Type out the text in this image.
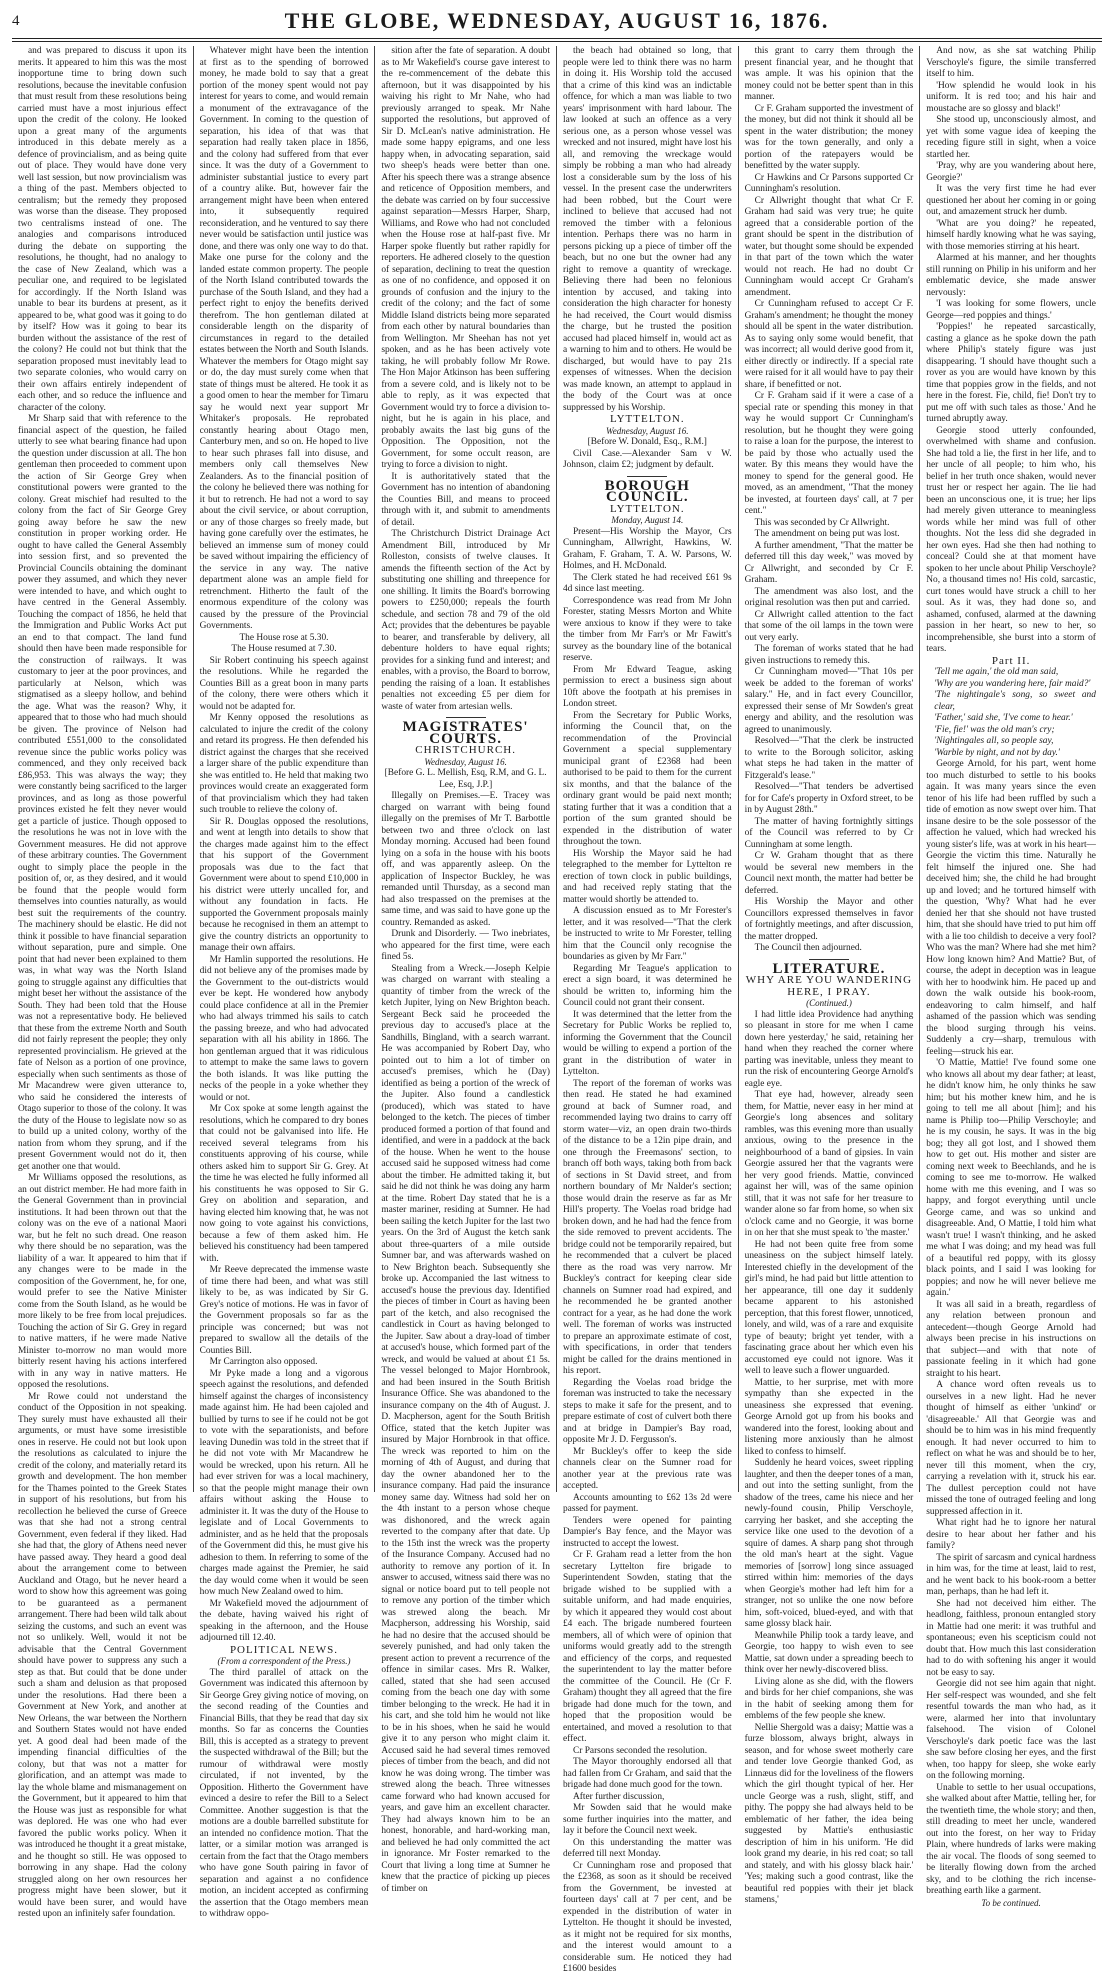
4	THE GLOBE, WEDNESDAY, AUGUST 16, 1876.

and was prepared to discuss it upon its merits. It appeared to him this was the most inopportune time to bring down such resolutions, because the inevitable confusion that must result from these resolutions being carried must have a most injurious effect upon the credit of the colony. He looked upon a great many of the arguments introduced in this debate merely as a defence of provincialism, and as being quite out of place. They would have done very well last session, but now provincialism was a thing of the past. Members objected to centralism; but the remedy they proposed was worse than the disease. They proposed two centralisms instead of one. The analogies and comparisons introduced during the debate on supporting the resolutions, he thought, had no analogy to the case of New Zealand, which was a peculiar one, and required to be legislated for accordingly. If the North Island was unable to bear its burdens at present, as it appeared to be, what good was it going to do by itself? How was it going to bear its burden without the assistance of the rest of the colony? He could not but think that the separation proposed must inevitably lead to two separate colonies, who would carry on their own affairs entirely independent of each other, and so reduce the influence and character of the colony.

Mr Sharp said that with reference to the financial aspect of the question, he failed utterly to see what bearing finance had upon the question under discussion at all. The hon gentleman then proceeded to comment upon the action of Sir George Grey when constitutional powers were granted to the colony. Great mischief had resulted to the colony from the fact of Sir George Grey going away before he saw the new constitution in proper working order. He ought to have called the General Assembly into session first, and so prevented the Provincial Councils obtaining the dominant power they assumed, and which they never were intended to have, and which ought to have centred in the General Assembly. Touching the compact of 1856, he held that the Immigration and Public Works Act put an end to that compact. The land fund should then have been made responsible for the construction of railways. It was customary to jeer at the poor provinces, and particularly at Nelson, which was stigmatised as a sleepy hollow, and behind the age. What was the reason? Why, it appeared that to those who had much should be given. The province of Nelson had contributed £551,000 to the consolidated revenue since the public works policy was commenced, and they only received back £86,953. This was always the way; they were constantly being sacrificed to the larger provinces, and as long as those powerful provinces existed he felt they never would get a particle of justice. Though opposed to the resolutions he was not in love with the Government measures. He did not approve of these arbitrary counties. The Government ought to simply place the people in the position of, or, as they desired, and it would be found that the people would form themselves into counties naturally, as would best suit the requirements of the country. The machinery should be elastic. He did not think it possible to have financial separation without separation, pure and simple. One point that had never been explained to them was, in what way was the North Island going to struggle against any difficulties that might beset her without the assistance of the South. They had been told that the House was not a representative body. He believed that these from the extreme North and South did not fairly represent the people; they only represented provincialism. He grieved at the fate of Nelson as a portion of one province, especially when such sentiments as those of Mr Macandrew were given utterance to, who said he considered the interests of Otago superior to those of the colony. It was the duty of the House to legislate now so as to build up a united colony, worthy of the nation from whom they sprung, and if the present Government would not do it, then get another one that would.

Mr Williams opposed the resolutions, as an out district member. He had more faith in the General Government than in provincial institutions. It had been thrown out that the colony was on the eve of a national Maori war, but he felt no such dread. One reason why there should be no separation, was the liability of a war. It appeared to him that if any changes were to be made in the composition of the Government, he, for one, would prefer to see the Native Minister come from the South Island, as he would be more likely to be free from local prejudices. Touching the action of Sir G. Grey in regard to native matters, if he were made Native Minister to-morrow no man would more bitterly resent having his actions interfered with in any way in native matters. He opposed the resolutions.

Mr Rowe could not understand the conduct of the Opposition in not speaking. They surely must have exhausted all their arguments, or must have some irresistible ones in reserve. He could not but look upon the resolutions as calculated to injure the credit of the colony, and materially retard its growth and development. The hon member for the Thames pointed to the Greek States in support of his resolutions, but from his recollection he believed the curse of Greece was that she had not a strong central Government, even federal if they liked. Had she had that, the glory of Athens need never have passed away. They heard a good deal about the arrangement come to between Auckland and Otago, but he never heard a word to show how this agreement was going to be guaranteed as a permanent arrangement. There had been wild talk about seizing the customs, and such an event was not so unlikely. Well, would it not be advisable that the Central Government should have power to suppress any such a step as that. But could that be done under such a sham and delusion as that proposed under the resolutions. Had there been a Government at New York, and another at New Orleans, the war between the Northern and Southern States would not have ended yet. A good deal had been made of the impending financial difficulties of the colony, but that was not a matter for glorification, and an attempt was made to lay the whole blame and mismanagement on the Government, but it appeared to him that the House was just as responsible for what was deplored. He was one who had ever favored the public works policy. When it was introduced he thought it a great mistake, and he thought so still. He was opposed to borrowing in any shape. Had the colony struggled along on her own resources her progress might have been slower, but it would have been surer, and would have rested upon an infinitely safer foundation.

Whatever might have been the intention at first as to the spending of borrowed money, he made bold to say that a great portion of the money spent would not pay interest for years to come, and would remain a monument of the extravagance of the Government. In coming to the question of separation, his idea of that was that separation had really taken place in 1856, and the colony had suffered from that ever since. It was the duty of a Government to administer substantial justice to every part of a country alike. But, however fair the arrangement might have been when entered into, it subsequently required reconsideration, and he ventured to say there never would be satisfaction until justice was done, and there was only one way to do that. Make one purse for the colony and the landed estate common property. The people of the North Island contributed towards the purchase of the South Island, and they had a perfect right to enjoy the benefits derived therefrom. The hon gentleman dilated at considerable length on the disparity of circumstances in regard to the detailed estates between the North and South Islands. Whatever the members for Otago might say or do, the day must surely come when that state of things must be altered. He took it as a good omen to hear the member for Timaru say he would next year support Mr Whitaker's proposals. He reprobated constantly hearing about Otago men, Canterbury men, and so on. He hoped to live to hear such phrases fall into disuse, and members only call themselves New Zealanders. As to the financial position of the colony he believed there was nothing for it but to retrench. He had not a word to say about the civil service, or about corruption, or any of those charges so freely made, but having gone carefully over the estimates, he believed an immense sum of money could be saved without impairing the efficiency of the service in any way. The native department alone was an ample field for retrenchment. Hitherto the fault of the enormous expenditure of the colony was caused by the pressure of the Provincial Governments.

The House rose at 5.30.

The House resumed at 7.30.

Sir Robert continuing his speech against the resolutions. While he regarded the Counties Bill as a great boon in many parts of the colony, there were others which it would not be adapted for.

Mr Kenny opposed the resolutions as calculated to injure the credit of the colony and retard its progress. He then defended his district against the charges that she received a larger share of the public expenditure than she was entitled to. He held that making two provinces would create an exaggerated form of that provincialism which they had taken such trouble to relieve the colony of.

Sir R. Douglas opposed the resolutions, and went at length into details to show that the charges made against him to the effect that his support of the Government proposals was due to the fact that Government were about to spend £10,000 in his district were utterly uncalled for, and without any foundation in facts. He supported the Government proposals mainly because he recognised in them an attempt to give the country districts an opportunity to manage their own affairs.

Mr Hamlin supported the resolutions. He did not believe any of the promises made by the Government to the out-districts would ever be kept. He wondered how anybody could place confidence at all in the Premier who had always trimmed his sails to catch the passing breeze, and who had advocated separation with all his ability in 1866. The hon gentleman argued that it was ridiculous to attempt to make the same laws to govern the both islands. It was like putting the necks of the people in a yoke whether they would or not.

Mr Cox spoke at some length against the resolutions, which he compared to dry bones that could not be galvanised into life. He received several telegrams from his constituents approving of his course, while others asked him to support Sir G. Grey. At the time he was elected he fully informed all his constituents he was opposed to Sir G. Grey on abolition and separation, and having elected him knowing that, he was not now going to vote against his convictions, because a few of them asked him. He believed his constituency had been tampered with.

Mr Reeve deprecated the immense waste of time there had been, and what was still likely to be, as was indicated by Sir G. Grey's notice of motions. He was in favor of the Government proposals so far as the principle was concerned; but was not prepared to swallow all the details of the Counties Bill.

Mr Carrington also opposed.

Mr Pyke made a long and a vigorous speech against the resolutions, and defended himself against the charges of inconsistency made against him. He had been cajoled and bullied by turns to see if he could not be got to vote with the separationists, and before leaving Dunedin was told in the street that if he did not vote with Mr Macandrew he would be wrecked, upon his return. All he had ever striven for was a local machinery, so that the people might manage their own affairs without asking the House to administer it. It was the duty of the House to legislate and of Local Governments to administer, and as he held that the proposals of the Government did this, he must give his adhesion to them. In referring to some of the charges made against the Premier, he said the day would come when it would be seen how much New Zealand owed to him.

Mr Wakefield moved the adjournment of the debate, having waived his right of speaking in the afternoon, and the House adjourned till 12.40.

POLITICAL NEWS.

(From a correspondent of the Press.)

The third parallel of attack on the Government was indicated this afternoon by Sir George Grey giving notice of moving, on the second reading of the Counties and Financial Bills, that they be read that day six months. So far as concerns the Counties Bill, this is accepted as a strategy to prevent the suspected withdrawal of the Bill; but the rumour of withdrawal were mostly circulated, if not invented, by the Opposition. Hitherto the Government have evinced a desire to refer the Bill to a Select Committee. Another suggestion is that the motions are a double barrelled substitute for an intended no confidence motion. That the latter, or a similar motion was arranged is certain from the fact that the Otago members who have gone South pairing in favor of separation and against a no confidence motion, an incident accepted as confirming the assertion that the Otago members mean to withdraw oppo-

sition after the fate of separation. A doubt as to Mr Wakefield's course gave interest to the re-commencement of the debate this afternoon, but it was disappointed by his waiving his right to Mr Nahe, who had previously arranged to speak. Mr Nahe supported the resolutions, but approved of Sir D. McLean's native administration. He made some happy epigrams, and one less happy when, in advocating separation, said two sheep's heads were better than one. After his speech there was a strange absence and reticence of Opposition members, and the debate was carried on by four successive against separation—Messrs Harper, Sharp, Williams, and Rowe who had not concluded when the House rose at half-past five. Mr Harper spoke fluently but rather rapidly for reporters. He adhered closely to the question of separation, declining to treat the question as one of no confidence, and opposed it on grounds of confusion and the injury to the credit of the colony; and the fact of some Middle Island districts being more separated from each other by natural boundaries than from Wellington. Mr Sheehan has not yet spoken, and as he has been actively vote taking, he will probably follow Mr Rowe. The Hon Major Atkinson has been suffering from a severe cold, and is likely not to be able to reply, as it was expected that Government would try to force a division to-night, but he is again in his place, and probably awaits the last big guns of the Opposition. The Opposition, not the Government, for some occult reason, are trying to force a division to night.

It is authoritatively stated that the Government has no intention of abandoning the Counties Bill, and means to proceed through with it, and submit to amendments of detail.

The Christchurch District Drainage Act Amendment Bill, introduced by Mr Rolleston, consists of twelve clauses. It amends the fifteenth section of the Act by substituting one shilling and threepence for one shilling. It limits the Board's borrowing powers to £250,000; repeals the fourth schedule, and section 78 and 79 of the old Act; provides that the debentures be payable to bearer, and transferable by delivery, all debenture holders to have equal rights; provides for a sinking fund and interest; and enables, with a proviso, the Board to borrow, pending the raising of a loan. It establishes penalties not exceeding £5 per diem for waste of water from artesian wells.

MAGISTRATES' COURTS.

CHRISTCHURCH.

Wednesday, August 16.

[Before G. L. Mellish, Esq, R.M, and G. L. Lee, Esq, J.P.]

Illegally on Premises.—E. Tracey was charged on warrant with being found illegally on the premises of Mr T. Barbottle between two and three o'clock on last Monday morning. Accused had been found lying on a sofa in the house with his boots off, and was apparently asleep. On the application of Inspector Buckley, he was remanded until Thursday, as a second man had also trespassed on the premises at the same time, and was said to have gone up the country. Remanded as asked.

Drunk and Disorderly. — Two inebriates, who appeared for the first time, were each fined 5s.

Stealing from a Wreck.—Joseph Kelpie was charged on warrant with stealing a quantity of timber from the wreck of the ketch Jupiter, lying on New Brighton beach. Sergeant Beck said he proceeded the previous day to accused's place at the Sandhills, Bingland, with a search warrant. He was accompanied by Robert Day, who pointed out to him a lot of timber on accused's premises, which he (Day) identified as being a portion of the wreck of the Jupiter. Also found a candlestick (produced), which was stated to have belonged to the ketch. The pieces of timber produced formed a portion of that found and identified, and were in a paddock at the back of the house. When he went to the house accused said he supposed witness had come about the timber. He admitted taking it, but said he did not think he was doing any harm at the time. Robert Day stated that he is a master mariner, residing at Sumner. He had been sailing the ketch Jupiter for the last two years. On the 3rd of August the ketch sank about three-quarters of a mile outside Sumner bar, and was afterwards washed on to New Brighton beach. Subsequently she broke up. Accompanied the last witness to accused's house the previous day. Identified the pieces of timber in Court as having been part of the ketch, and also recognised the candlestick in Court as having belonged to the Jupiter. Saw about a dray-load of timber at accused's house, which formed part of the wreck, and would be valued at about £1 5s. The vessel belonged to Major Hornbrook, and had been insured in the South British Insurance Office. She was abandoned to the insurance company on the 4th of August. J. D. Macpherson, agent for the South British Office, stated that the ketch Jupiter was insured by Major Hornbrook in that office. The wreck was reported to him on the morning of 4th of August, and during that day the owner abandoned her to the insurance company. Had paid the insurance money same day. Witness had sold her on the 4th instant to a person whose cheque was dishonored, and the wreck again reverted to the company after that date. Up to the 15th inst the wreck was the property of the Insurance Company. Accused had no authority to remove any portion of it. In answer to accused, witness said there was no signal or notice board put to tell people not to remove any portion of the timber which was strewed along the beach. Mr Macpherson, addressing his Worship, said he had no desire that the accused should be severely punished, and had only taken the present action to prevent a recurrence of the offence in similar cases. Mrs R. Walker, called, stated that she had seen accused coming from the beach one day with some timber belonging to the wreck. He had it in his cart, and she told him he would not like to be in his shoes, when he said he would give it to any person who might claim it. Accused said he had several times removed pieces of timber from the beach, and did not know he was doing wrong. The timber was strewed along the beach. Three witnesses came forward who had known accused for years, and gave him an excellent character. They had always known him to be an honest, honorable, and hard-working man, and believed he had only committed the act in ignorance. Mr Foster remarked to the Court that living a long time at Sumner he knew that the practice of picking up pieces of timber on

the beach had obtained so long, that people were led to think there was no harm in doing it. His Worship told the accused that a crime of this kind was an indictable offence, for which a man was liable to two years' imprisonment with hard labour. The law looked at such an offence as a very serious one, as a person whose vessel was wrecked and not insured, might have lost his all, and removing the wreckage would simply be robbing a man who had already lost a considerable sum by the loss of his vessel. In the present case the underwriters had been robbed, but the Court were inclined to believe that accused had not removed the timber with a felonious intention. Perhaps there was no harm in persons picking up a piece of timber off the beach, but no one but the owner had any right to remove a quantity of wreckage. Believing there had been no felonious intention by accused, and taking into consideration the high character for honesty he had received, the Court would dismiss the charge, but he trusted the position accused had placed himself in, would act as a warning to him and to others. He would be discharged, but would have to pay 21s expenses of witnesses. When the decision was made known, an attempt to applaud in the body of the Court was at once suppressed by his Worship.

LYTTELTON.

Wednesday, August 16.

[Before W. Donald, Esq., R.M.]

Civil Case.—Alexander Sam v W. Johnson, claim £2; judgment by default.

BOROUGH COUNCIL.

LYTTELTON.

Monday, August 14.

Present—His Worship the Mayor, Crs Cunningham, Allwright, Hawkins, W. Graham, F. Graham, T. A. W. Parsons, W. Holmes, and H. McDonald.

The Clerk stated he had received £61 9s 4d since last meeting.

Correspondence was read from Mr John Forester, stating Messrs Morton and White were anxious to know if they were to take the timber from Mr Farr's or Mr Fawitt's survey as the boundary line of the botanical reserve.

From Mr Edward Teague, asking permission to erect a business sign about 10ft above the footpath at his premises in London street.

From the Secretary for Public Works, informing the Council that, on the recommendation of the Provincial Government a special supplementary municipal grant of £2368 had been authorised to be paid to them for the current six months, and that the balance of the ordinary grant would be paid next month; stating further that it was a condition that a portion of the sum granted should be expended in the distribution of water throughout the town.

His Worship the Mayor said he had telegraphed to the member for Lyttelton re erection of town clock in public buildings, and had received reply stating that the matter would shortly be attended to.

A discussion ensued as to Mr Forester's letter, and it was resolved—"That the clerk be instructed to write to Mr Forester, telling him that the Council only recognise the boundaries as given by Mr Farr."

Regarding Mr Teague's application to erect a sign board, it was determined he should be written to, informing him the Council could not grant their consent.

It was determined that the letter from the Secretary for Public Works be replied to, informing the Government that the Council would be willing to expend a portion of the grant in the distribution of water in Lyttelton.

The report of the foreman of works was then read. He stated he had examined ground at back of Sumner road, and recommended laying two drains to carry off storm water—viz, an open drain two-thirds of the distance to be a 12in pipe drain, and one through the Freemasons' section, to branch off both ways, taking both from back of sections in St David street, and from northern boundary of Mr Nalder's section; those would drain the reserve as far as Mr Hill's property. The Voelas road bridge had broken down, and he had had the fence from the side removed to prevent accidents. The bridge could not be temporarily repaired, but he recommended that a culvert be placed there as the road was very narrow. Mr Buckley's contract for keeping clear side channels on Sumner road had expired, and he recommended he be granted another contract for a year, as he had done the work well. The foreman of works was instructed to prepare an approximate estimate of cost, with specifications, in order that tenders might be called for the drains mentioned in his report.

Regarding the Voelas road bridge the foreman was instructed to take the necessary steps to make it safe for the present, and to prepare estimate of cost of culvert both there and at bridge in Dampier's Bay road, opposite Mr J. D. Fergusson's.

Mr Buckley's offer to keep the side channels clear on the Sumner road for another year at the previous rate was accepted.

Accounts amounting to £62 13s 2d were passed for payment.

Tenders were opened for painting Dampier's Bay fence, and the Mayor was instructed to accept the lowest.

Cr F. Graham read a letter from the hon secretary Lyttelton fire brigade to Superintendent Sowden, stating that the brigade wished to be supplied with a suitable uniform, and had made enquiries, by which it appeared they would cost about £4 each. The brigade numbered fourteen members, all of which were of opinion that uniforms would greatly add to the strength and efficiency of the corps, and requested the superintendent to lay the matter before the committee of the Council. He (Cr F. Graham) thought they all agreed that the fire brigade had done much for the town, and hoped that the proposition would be entertained, and moved a resolution to that effect.

Cr Parsons seconded the resolution.

The Mayor thoroughly endorsed all that had fallen from Cr Graham, and said that the brigade had done much good for the town.

After further discussion,

Mr Sowden said that he would make some further inquiries into the matter, and lay it before the Council next week.

On this understanding the matter was deferred till next Monday.

Cr Cunningham rose and proposed that the £2368, as soon as it should be received from the Government, be invested at fourteen days' call at 7 per cent, and be expended in the distribution of water in Lyttelton. He thought it should be invested, as it might not be required for six months, and the interest would amount to a considerable sum. He noticed they had £1600 besides

this grant to carry them through the present financial year, and he thought that was ample. It was his opinion that the money could not be better spent than in this manner.

Cr F. Graham supported the investment of the money, but did not think it should all be spent in the water distribution; the money was for the town generally, and only a portion of the ratepayers would be benefitted by the water supply.

Cr Hawkins and Cr Parsons supported Cr Cunningham's resolution.

Cr Allwright thought that what Cr F. Graham had said was very true; he quite agreed that a considerable portion of the grant should be spent in the distribution of water, but thought some should be expended in that part of the town which the water would not reach. He had no doubt Cr Cunningham would accept Cr Graham's amendment.

Cr Cunningham refused to accept Cr F. Graham's amendment; he thought the money should all be spent in the water distribution. As to saying only some would benefit, that was incorrect; all would derive good from it, either directly or indirectly. If a special rate were raised for it all would have to pay their share, if benefitted or not.

Cr F. Graham said if it were a case of a special rate or spending this money in that way he would support Cr Cunningham's resolution, but he thought they were going to raise a loan for the purpose, the interest to be paid by those who actually used the water. By this means they would have the money to spend for the general good. He moved, as an amendment, "That the money be invested, at fourteen days' call, at 7 per cent."

This was seconded by Cr Allwright.

The amendment on being put was lost.

A further amendment, "That the matter be deferred till this day week," was moved by Cr Allwright, and seconded by Cr F. Graham.

The amendment was also lost, and the original resolution was then put and carried.

Cr Allwright called attention to the fact that some of the oil lamps in the town were out very early.

The foreman of works stated that he had given instructions to remedy this.

Cr Cunningham moved—"That 10s per week be added to the foreman of works' salary." He, and in fact every Councillor, expressed their sense of Mr Sowden's great energy and ability, and the resolution was agreed to unanimously.

Resolved—"That the clerk be instructed to write to the Borough solicitor, asking what steps he had taken in the matter of Fitzgerald's lease."

Resolved—"That tenders be advertised for for Cafe's property in Oxford street, to be in by August 28th."

The matter of having fortnightly sittings of the Council was referred to by Cr Cunningham at some length.

Cr W. Graham thought that as there would be several new members in the Council next month, the matter had better be deferred.

His Worship the Mayor and other Councillors expressed themselves in favor of fortnightly meetings, and after discussion, the matter dropped.

The Council then adjourned.

LITERATURE.

WHY ARE YOU WANDERING HERE, I PRAY.

(Continued.)

I had little idea Providence had anything so pleasant in store for me when I came down here yesterday,' he said, retaining her hand when they reached the corner where parting was inevitable, unless they meant to run the risk of encountering George Arnold's eagle eye.

That eye had, however, already seen them, for Mattie, never easy in her mind at Georgie's long absences and solitary rambles, was this evening more than usually anxious, owing to the presence in the neighbourhood of a band of gipsies. In vain Georgie assured her that the vagrants were her very good friends. Mattie, convinced against her will, was of the same opinion still, that it was not safe for her treasure to wander alone so far from home, so when six o'clock came and no Georgie, it was borne in on her that she must speak to 'the master.'

He had not been quite free from some uneasiness on the subject himself lately. Interested chiefly in the development of the girl's mind, he had paid but little attention to her appearance, till one day it suddenly became apparent to his astonished perception, that this forest flower, unnoticed, lonely, and wild, was of a rare and exquisite type of beauty; bright yet tender, with a fascinating grace about her which even his accustomed eye could not ignore. Was it well to leave such a flower unguarded.

Mattie, to her surprise, met with more sympathy than she expected in the uneasiness she expressed that evening. George Arnold got up from his books and wandered into the forest, looking about and listening more anxiously than he almost liked to confess to himself.

Suddenly he heard voices, sweet rippling laughter, and then the deeper tones of a man, and out into the setting sunlight, from the shadow of the trees, came his niece and her newly-found cousin, Philip Verschoyle, carrying her basket, and she accepting the service like one used to the devotion of a squire of dames. A sharp pang shot through the old man's heart at the sight. Vague memories of [sorrow] long since assuaged stirred within him: memories of the days when Georgie's mother had left him for a stranger, not so unlike the one now before him, soft-voiced, blued-eyed, and with that same glossy black hair.

Meanwhile Philip took a tardy leave, and Georgie, too happy to wish even to see Mattie, sat down under a spreading beech to think over her newly-discovered bliss.

Living alone as she did, with the flowers and birds for her chief companions, she was in the habit of seeking among them for emblems of the few people she knew.

Nellie Shergold was a daisy; Mattie was a furze blossom, always bright, always in season, and for whose sweet motherly care and tender love Georgie thanked God, as Linnæus did for the loveliness of the flowers which the girl thought typical of her. Her uncle George was a rush, slight, stiff, and pithy. The poppy she had always held to be emblematic of her father, the idea being suggested by Mattie's enthusiastic description of him in his uniform. 'He did look grand my dearie, in his red coat; so tall and stately, and with his glossy black hair.' 'Yes; making such a good contrast, like the beautiful red poppies with their jet black stamens,'

And now, as she sat watching Philip Verschoyle's figure, the simile transferred itself to him.

'How splendid he would look in his uniform. It is red too; and his hair and moustache are so glossy and black!'

She stood up, unconsciously almost, and yet with some vague idea of keeping the receding figure still in sight, when a voice startled her.

'Pray, why are you wandering about here, Georgie?'

It was the very first time he had ever questioned her about her coming in or going out, and amazement struck her dumb.

'What are you doing?' he repeated, himself hardly knowing what he was saying, with those memories stirring at his heart.

Alarmed at his manner, and her thoughts still running on Philip in his uniform and her emblematic device, she made answer nervously:

'I was looking for some flowers, uncle George—red poppies and things.'

'Poppies!' he repeated sarcastically, casting a glance as he spoke down the path where Philip's stately figure was just disappearing. 'I should have thought such a rover as you are would have known by this time that poppies grow in the fields, and not here in the forest. Fie, child, fie! Don't try to put me off with such tales as those.' And he turned abruptly away.

Georgie stood utterly confounded, overwhelmed with shame and confusion. She had told a lie, the first in her life, and to her uncle of all people; to him who, his belief in her truth once shaken, would never trust her or respect her again. The lie had been an unconscious one, it is true; her lips had merely given utterance to meaningless words while her mind was full of other thoughts. Not the less did she degraded in her own eyes. Had she then had nothing to conceal? Could she at that moment have spoken to her uncle about Philip Verschoyle? No, a thousand times no! His cold, sarcastic, curt tones would have struck a chill to her soul. As it was, they had done so, and ashamed, confused, alarmed at the dawning passion in her heart, so new to her, so incomprehensible, she burst into a storm of tears.

Part II.

'Tell me again,' the old man said,

'Why are you wandering here, fair maid?'

'The nightingale's song, so sweet and clear,

'Father,' said she, 'I've come to hear.'

'Fie, fie!' was the old man's cry;

'Nightingales all, so people say,

'Warble by night, and not by day.'

George Arnold, for his part, went home too much disturbed to settle to his books again. It was many years since the even tenor of his life had been ruffled by such a tide of emotion as now swept over him. That insane desire to be the sole possessor of the affection he valued, which had wrecked his young sister's life, was at work in his heart—Georgie the victim this time. Naturally he felt himself the injured one. She had deceived him; she, the child he had brought up and loved; and he tortured himself with the question, 'Why? What had he ever denied her that she should not have trusted him, that she should have tried to put him off with a lie too childish to deceive a very fool? Who was the man? Where had she met him? How long known him? And Mattie? But, of course, the adept in deception was in league with her to hoodwink him. He paced up and down the walk outside his book-room, endeavoring to calm himself, and half ashamed of the passion which was sending the blood surging through his veins. Suddenly a cry—sharp, tremulous with feeling—struck his ear.

'O Mattie, Mattie! I've found some one who knows all about my dear father; at least, he didn't know him, he only thinks he saw him; but his mother knew him, and he is going to tell me all about [him]; and his name is Philip too—Philip Verschoyle; and he is my cousin, he says. It was in the big bog; they all got lost, and I showed them how to get out. His mother and sister are coming next week to Beechlands, and he is coming to see me to-morrow. He walked home with me this evening, and I was so happy, and forgot everything until uncle George came, and was so unkind and disagreeable. And, O Mattie, I told him what wasn't true! I wasn't thinking, and he asked me what I was doing; and my head was full of a beautiful red poppy, with its glossy black points, and I said I was looking for poppies; and now he will never believe me again.'

It was all said in a breath, regardless of any relation between pronoun and antecedent—though George Arnold had always been precise in his instructions on that subject—and with that note of passionate feeling in it which had gone straight to his heart.

A chance word often reveals us to ourselves in a new light. Had he never thought of himself as either 'unkind' or 'disagreeable.' All that Georgie was and should be to him was in his mind frequently enough. It had never occurred to him to reflect on what he was and should be to her, never till this moment, when the cry, carrying a revelation with it, struck his ear. The dullest perception could not have missed the tone of outraged feeling and long suppressed affection in it.

What right had he to ignore her natural desire to hear about her father and his family?

The spirit of sarcasm and cynical hardness in him was, for the time at least, laid to rest, and he went back to his book-room a better man, perhaps, than he had left it.

She had not deceived him either. The headlong, faithless, pronoun entangled story in Mattie had one merit: it was truthful and spontaneous; even his scepticism could not doubt that. How much this last consideration had to do with softening his anger it would not be easy to say.

Georgie did not see him again that night. Her self-respect was wounded, and she felt resentful towards the man who had, as it were, alarmed her into that involuntary falsehood. The vision of Colonel Verschoyle's dark poetic face was the last she saw before closing her eyes, and the first when, too happy for sleep, she woke early on the following morning.

Unable to settle to her usual occupations, she walked about after Mattie, telling her, for the twentieth time, the whole story; and then, still dreading to meet her uncle, wandered out into the forest, on her way to Friday Plain, where hundreds of larks were making the air vocal. The floods of song seemed to be literally flowing down from the arched sky, and to be clothing the rich incense-breathing earth like a garment.

To be continued.
